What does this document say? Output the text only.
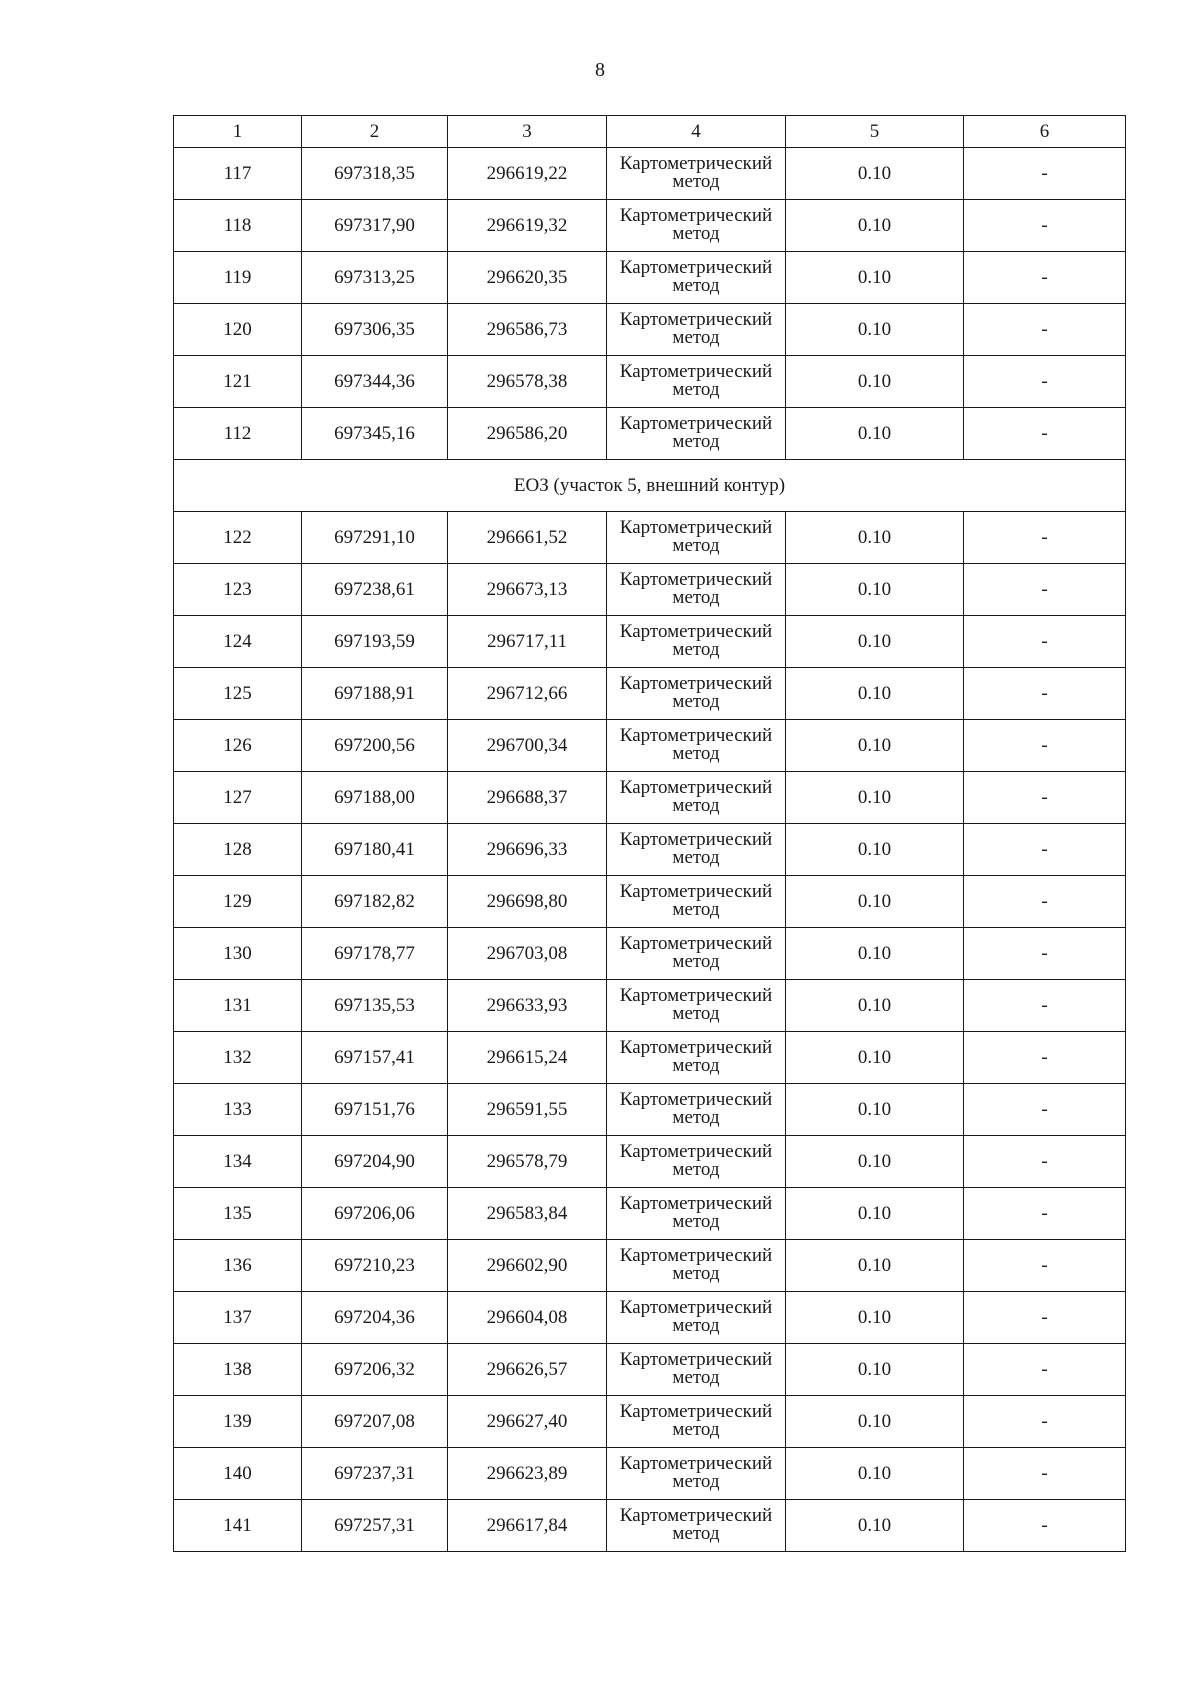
8
1	2	3	4	5	6
117	697318,35	296619,22	Картометрический метод	0.10	-
118	697317,90	296619,32	Картометрический метод	0.10	-
119	697313,25	296620,35	Картометрический метод	0.10	-
120	697306,35	296586,73	Картометрический метод	0.10	-
121	697344,36	296578,38	Картометрический метод	0.10	-
112	697345,16	296586,20	Картометрический метод	0.10	-
ЕОЗ (участок 5, внешний контур)					
122	697291,10	296661,52	Картометрический метод	0.10	-
123	697238,61	296673,13	Картометрический метод	0.10	-
124	697193,59	296717,11	Картометрический метод	0.10	-
125	697188,91	296712,66	Картометрический метод	0.10	-
126	697200,56	296700,34	Картометрический метод	0.10	-
127	697188,00	296688,37	Картометрический метод	0.10	-
128	697180,41	296696,33	Картометрический метод	0.10	-
129	697182,82	296698,80	Картометрический метод	0.10	-
130	697178,77	296703,08	Картометрический метод	0.10	-
131	697135,53	296633,93	Картометрический метод	0.10	-
132	697157,41	296615,24	Картометрический метод	0.10	-
133	697151,76	296591,55	Картометрический метод	0.10	-
134	697204,90	296578,79	Картометрический метод	0.10	-
135	697206,06	296583,84	Картометрический метод	0.10	-
136	697210,23	296602,90	Картометрический метод	0.10	-
137	697204,36	296604,08	Картометрический метод	0.10	-
138	697206,32	296626,57	Картометрический метод	0.10	-
139	697207,08	296627,40	Картометрический метод	0.10	-
140	697237,31	296623,89	Картометрический метод	0.10	-
141	697257,31	296617,84	Картометрический метод	0.10	-
